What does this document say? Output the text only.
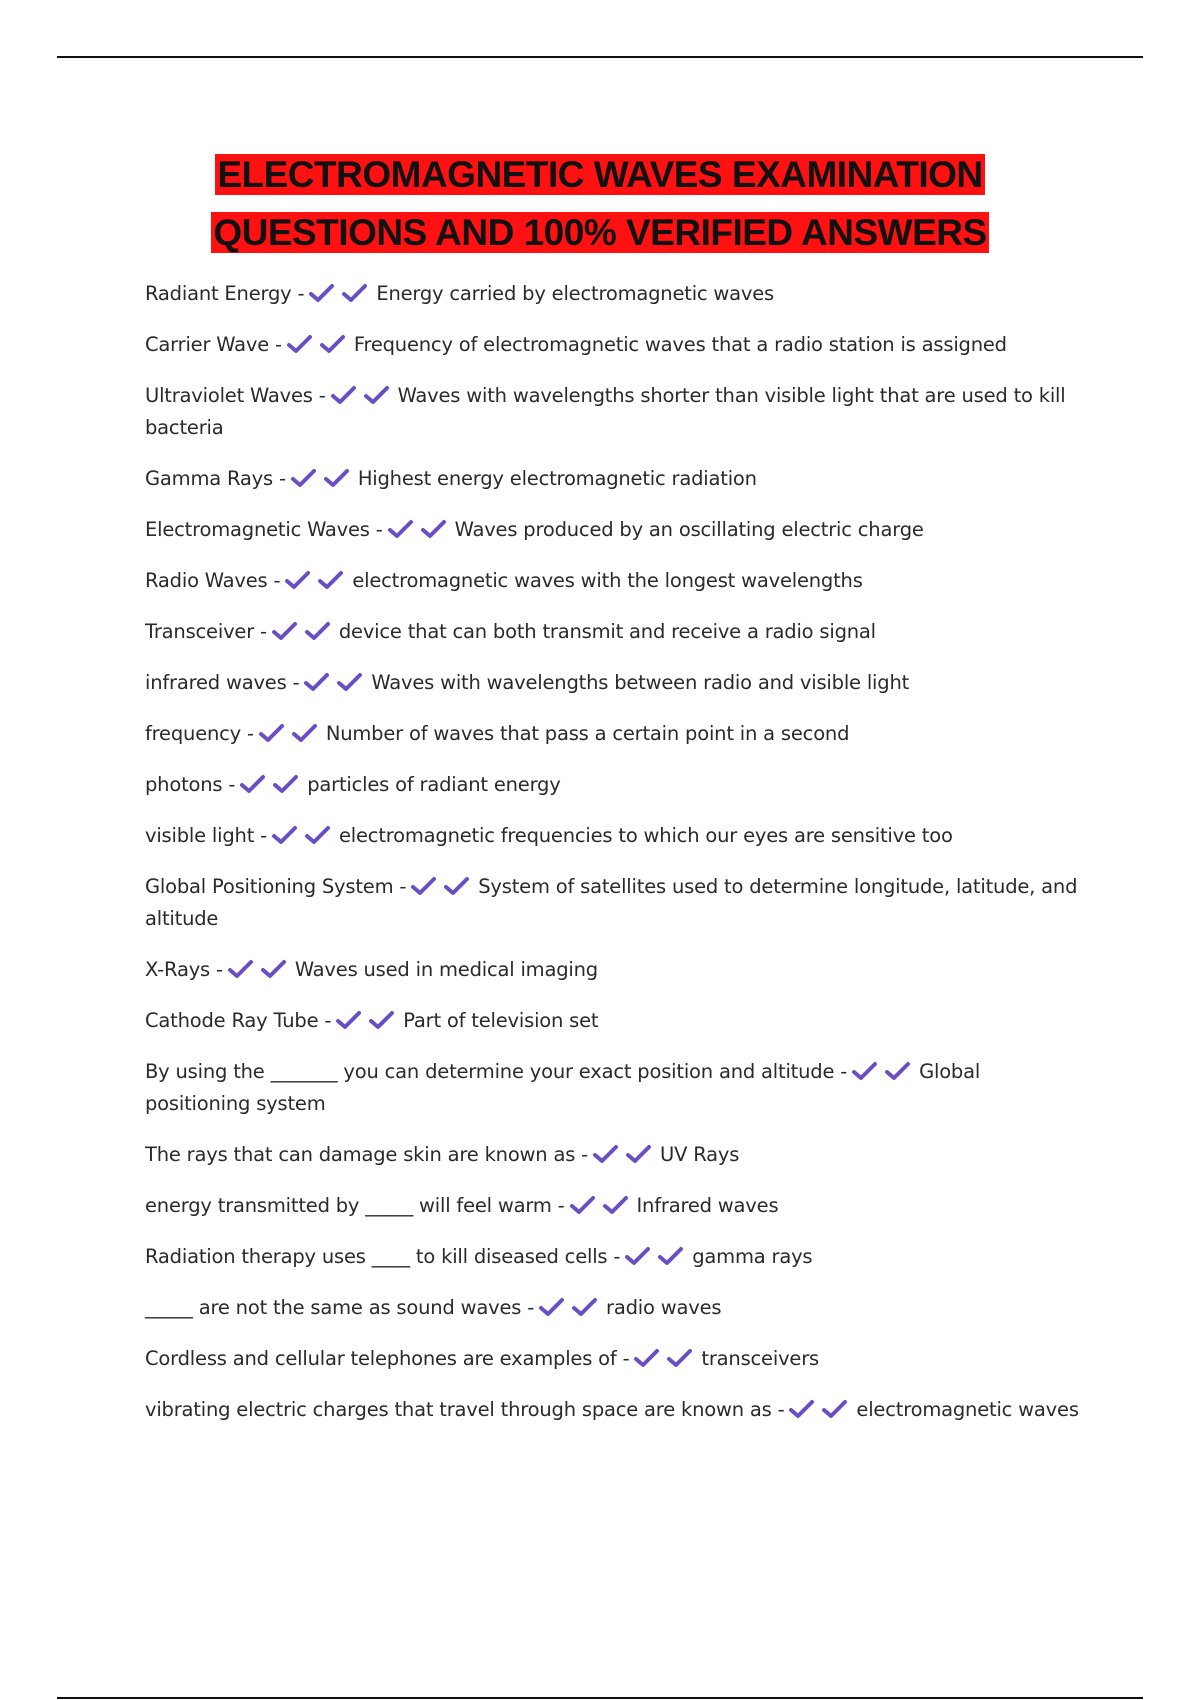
ELECTROMAGNETIC WAVES EXAMINATION
QUESTIONS AND 100% VERIFIED ANSWERS
Radiant Energy -	Energy carried by electromagnetic waves
Carrier Wave -	Frequency of electromagnetic waves that a radio station is assigned
Ultraviolet Waves -	Waves with wavelengths shorter than visible light that are used to kill bacteria
Gamma Rays -	Highest energy electromagnetic radiation
Electromagnetic Waves -	Waves produced by an oscillating electric charge
Radio Waves -	electromagnetic waves with the longest wavelengths
Transceiver -	device that can both transmit and receive a radio signal
infrared waves -	Waves with wavelengths between radio and visible light
frequency -	Number of waves that pass a certain point in a second
photons -	particles of radiant energy
visible light -	electromagnetic frequencies to which our eyes are sensitive too
Global Positioning System -	System of satellites used to determine longitude, latitude, and altitude
X-Rays -	Waves used in medical imaging
Cathode Ray Tube -	Part of television set
By using the _______ you can determine your exact position and altitude -	Global positioning system
The rays that can damage skin are known as -	UV Rays
energy transmitted by _____ will feel warm -	Infrared waves
Radiation therapy uses ____ to kill diseased cells -	gamma rays
_____ are not the same as sound waves -	radio waves
Cordless and cellular telephones are examples of -	transceivers
vibrating electric charges that travel through space are known as -	electromagnetic waves
